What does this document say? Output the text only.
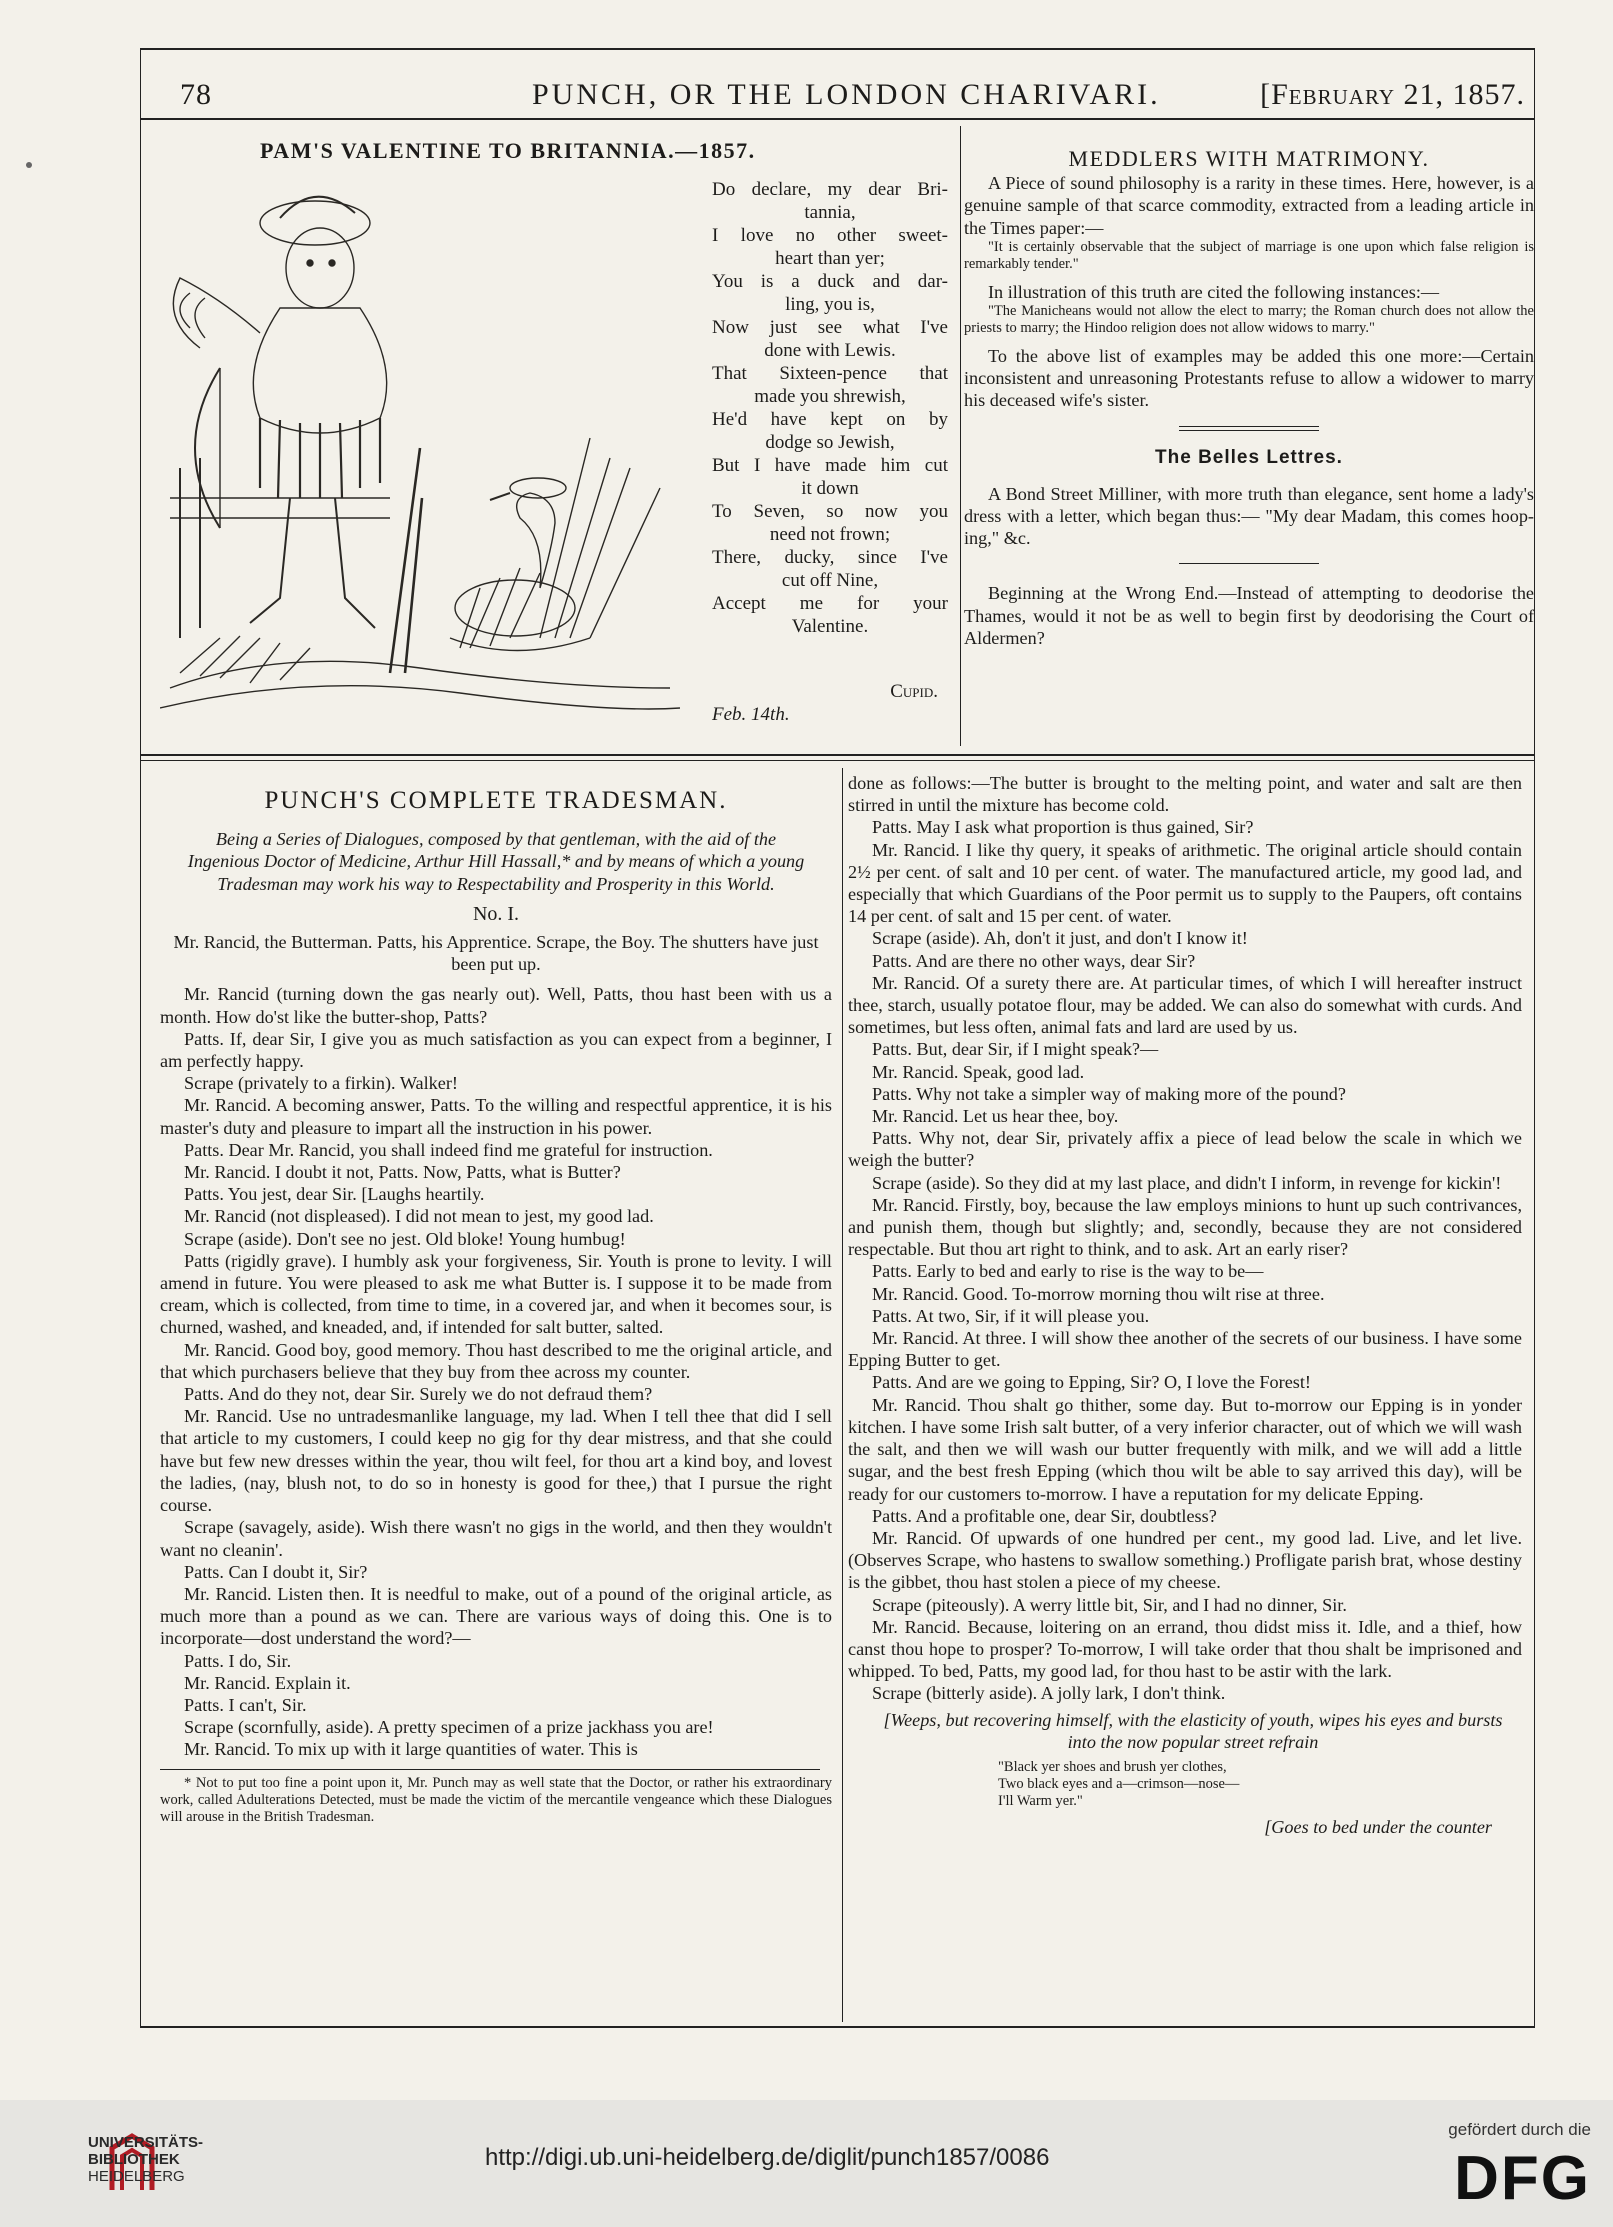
78	PUNCH, OR THE LONDON CHARIVARI.	[February 21, 1857.
PAM'S VALENTINE TO BRITANNIA.—1857.

Do declare, my dear Bri-

tannia,

I love no other sweet-

heart than yer;

You is a duck and dar-

ling, you is,

Now just see what I've

done with Lewis.

That Sixteen-pence that

made you shrewish,

He'd have kept on by

dodge so Jewish,

But I have made him cut

it down

To Seven, so now you

need not frown;

There, ducky, since I've

cut off Nine,

Accept me for your

Valentine.

Cupid.
Feb. 14th.
MEDDLERS WITH MATRIMONY.

A Piece of sound philosophy is a rarity in these times. Here, however, is a genuine sample of that scarce commodity, extracted from a leading article in the Times paper:—

"It is certainly observable that the subject of marriage is one upon which false religion is remarkably tender."

In illustration of this truth are cited the following instances:—

"The Manicheans would not allow the elect to marry; the Roman church does not allow the priests to marry; the Hindoo religion does not allow widows to marry."

To the above list of examples may be added this one more:—Certain inconsistent and unreasoning Protestants refuse to allow a widower to marry his deceased wife's sister.

The Belles Lettres.

A Bond Street Milliner, with more truth than elegance, sent home a lady's dress with a letter, which began thus:— "My dear Madam, this comes hoop-ing," &c.

Beginning at the Wrong End.—Instead of attempting to deodorise the Thames, would it not be as well to begin first by deodorising the Court of Aldermen?

PUNCH'S COMPLETE TRADESMAN.

Being a Series of Dialogues, composed by that gentleman, with the aid of the Ingenious Doctor of Medicine, Arthur Hill Hassall,* and by means of which a young Tradesman may work his way to Respectability and Prosperity in this World.

No. I.

Mr. Rancid, the Butterman. Patts, his Apprentice. Scrape, the Boy. The shutters have just been put up.

Mr. Rancid (turning down the gas nearly out). Well, Patts, thou hast been with us a month. How do'st like the butter-shop, Patts?

Patts. If, dear Sir, I give you as much satisfaction as you can expect from a beginner, I am perfectly happy.

Scrape (privately to a firkin). Walker!

Mr. Rancid. A becoming answer, Patts. To the willing and respectful apprentice, it is his master's duty and pleasure to impart all the instruction in his power.

Patts. Dear Mr. Rancid, you shall indeed find me grateful for instruction.

Mr. Rancid. I doubt it not, Patts. Now, Patts, what is Butter?

Patts. You jest, dear Sir. [Laughs heartily.

Mr. Rancid (not displeased). I did not mean to jest, my good lad.

Scrape (aside). Don't see no jest. Old bloke! Young humbug!

Patts (rigidly grave). I humbly ask your forgiveness, Sir. Youth is prone to levity. I will amend in future. You were pleased to ask me what Butter is. I suppose it to be made from cream, which is collected, from time to time, in a covered jar, and when it becomes sour, is churned, washed, and kneaded, and, if intended for salt butter, salted.

Mr. Rancid. Good boy, good memory. Thou hast described to me the original article, and that which purchasers believe that they buy from thee across my counter.

Patts. And do they not, dear Sir. Surely we do not defraud them?

Mr. Rancid. Use no untradesmanlike language, my lad. When I tell thee that did I sell that article to my customers, I could keep no gig for thy dear mistress, and that she could have but few new dresses within the year, thou wilt feel, for thou art a kind boy, and lovest the ladies, (nay, blush not, to do so in honesty is good for thee,) that I pursue the right course.

Scrape (savagely, aside). Wish there wasn't no gigs in the world, and then they wouldn't want no cleanin'.

Patts. Can I doubt it, Sir?

Mr. Rancid. Listen then. It is needful to make, out of a pound of the original article, as much more than a pound as we can. There are various ways of doing this. One is to incorporate—dost understand the word?—

Patts. I do, Sir.

Mr. Rancid. Explain it.

Patts. I can't, Sir.

Scrape (scornfully, aside). A pretty specimen of a prize jackhass you are!

Mr. Rancid. To mix up with it large quantities of water. This is

* Not to put too fine a point upon it, Mr. Punch may as well state that the Doctor, or rather his extraordinary work, called Adulterations Detected, must be made the victim of the mercantile vengeance which these Dialogues will arouse in the British Tradesman.

done as follows:—The butter is brought to the melting point, and water and salt are then stirred in until the mixture has become cold.

Patts. May I ask what proportion is thus gained, Sir?

Mr. Rancid. I like thy query, it speaks of arithmetic. The original article should contain 2½ per cent. of salt and 10 per cent. of water. The manufactured article, my good lad, and especially that which Guardians of the Poor permit us to supply to the Paupers, oft contains 14 per cent. of salt and 15 per cent. of water.

Scrape (aside). Ah, don't it just, and don't I know it!

Patts. And are there no other ways, dear Sir?

Mr. Rancid. Of a surety there are. At particular times, of which I will hereafter instruct thee, starch, usually potatoe flour, may be added. We can also do somewhat with curds. And sometimes, but less often, animal fats and lard are used by us.

Patts. But, dear Sir, if I might speak?—

Mr. Rancid. Speak, good lad.

Patts. Why not take a simpler way of making more of the pound?

Mr. Rancid. Let us hear thee, boy.

Patts. Why not, dear Sir, privately affix a piece of lead below the scale in which we weigh the butter?

Scrape (aside). So they did at my last place, and didn't I inform, in revenge for kickin'!

Mr. Rancid. Firstly, boy, because the law employs minions to hunt up such contrivances, and punish them, though but slightly; and, secondly, because they are not considered respectable. But thou art right to think, and to ask. Art an early riser?

Patts. Early to bed and early to rise is the way to be—

Mr. Rancid. Good. To-morrow morning thou wilt rise at three.

Patts. At two, Sir, if it will please you.

Mr. Rancid. At three. I will show thee another of the secrets of our business. I have some Epping Butter to get.

Patts. And are we going to Epping, Sir? O, I love the Forest!

Mr. Rancid. Thou shalt go thither, some day. But to-morrow our Epping is in yonder kitchen. I have some Irish salt butter, of a very inferior character, out of which we will wash the salt, and then we will wash our butter frequently with milk, and we will add a little sugar, and the best fresh Epping (which thou wilt be able to say arrived this day), will be ready for our customers to-morrow. I have a reputation for my delicate Epping.

Patts. And a profitable one, dear Sir, doubtless?

Mr. Rancid. Of upwards of one hundred per cent., my good lad. Live, and let live. (Observes Scrape, who hastens to swallow something.) Profligate parish brat, whose destiny is the gibbet, thou hast stolen a piece of my cheese.

Scrape (piteously). A werry little bit, Sir, and I had no dinner, Sir.

Mr. Rancid. Because, loitering on an errand, thou didst miss it. Idle, and a thief, how canst thou hope to prosper? To-morrow, I will take order that thou shalt be imprisoned and whipped. To bed, Patts, my good lad, for thou hast to be astir with the lark.

Scrape (bitterly aside). A jolly lark, I don't think.

[Weeps, but recovering himself, with the elasticity of youth, wipes his eyes and bursts into the now popular street refrain

"Black yer shoes and brush yer clothes,
Two black eyes and a—crimson—nose—
I'll Warm yer."

[Goes to bed under the counter

UNIVERSITÄTS-
BIBLIOTHEK
HEIDELBERG
http://digi.ub.uni-heidelberg.de/diglit/punch1857/0086
gefördert durch die
DFG
